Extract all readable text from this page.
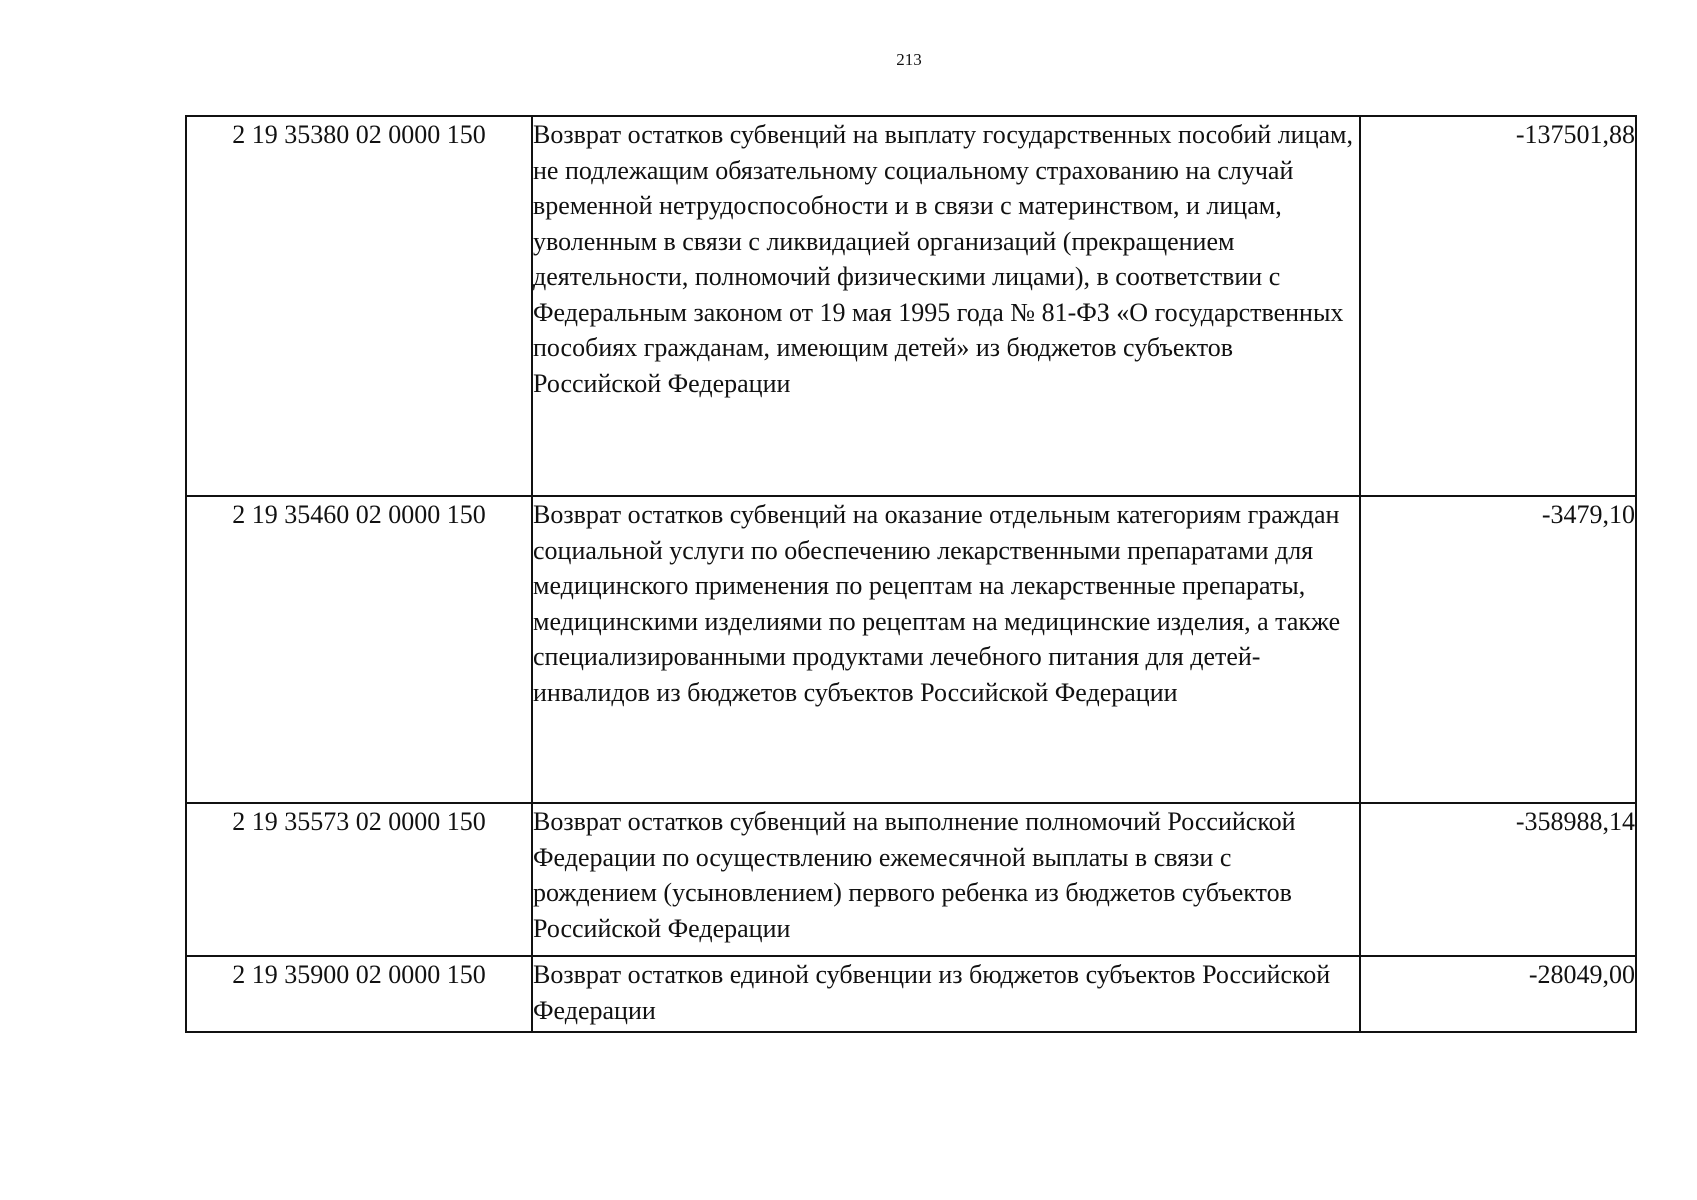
213
2 19 35380 02 0000 150	Возврат остатков субвенций на выплату государственных пособий лицам, не подлежащим обязательному социальному страхованию на случай временной нетрудоспособности и в связи с материнством, и лицам, уволенным в связи с ликвидацией организаций (прекращением деятельности, полномочий физическими лицами), в соответствии с Федеральным законом от 19 мая 1995 года № 81-ФЗ «О государственных пособиях гражданам, имеющим детей» из бюджетов субъектов Российской Федерации	-137501,88
2 19 35460 02 0000 150	Возврат остатков субвенций на оказание отдельным категориям граждан социальной услуги по обеспечению лекарственными препаратами для медицинского применения по рецептам на лекарственные препараты, медицинскими изделиями по рецептам на медицинские изделия, а также специализированными продуктами лечебного питания для детей-инвалидов из бюджетов субъектов Российской Федерации	-3479,10
2 19 35573 02 0000 150	Возврат остатков субвенций на выполнение полномочий Российской Федерации по осуществлению ежемесячной выплаты в связи с рождением (усыновлением) первого ребенка из бюджетов субъектов Российской Федерации	-358988,14
2 19 35900 02 0000 150	Возврат остатков единой субвенции из бюджетов субъектов Российской Федерации	-28049,00
